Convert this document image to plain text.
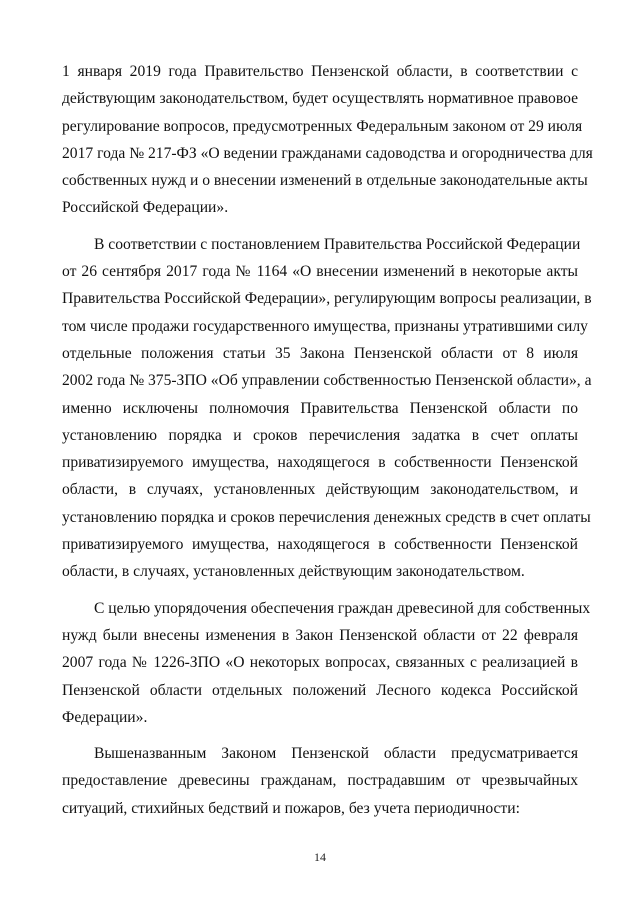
1 января 2019 года Правительство Пензенской области, в соответствии с
действующим законодательством, будет осуществлять нормативное правовое
регулирование вопросов, предусмотренных Федеральным законом от 29 июля
2017 года № 217-ФЗ «О ведении гражданами садоводства и огородничества для
собственных нужд и о внесении изменений в отдельные законодательные акты
Российской Федерации».
В соответствии с постановлением Правительства Российской Федерации
от 26 сентября 2017 года № 1164 «О внесении изменений в некоторые акты
Правительства Российской Федерации», регулирующим вопросы реализации, в
том числе продажи государственного имущества, признаны утратившими силу
отдельные положения статьи 35 Закона Пензенской области от 8 июля
2002 года № 375-ЗПО «Об управлении собственностью Пензенской области», а
именно исключены полномочия Правительства Пензенской области по
установлению порядка и сроков перечисления задатка в счет оплаты
приватизируемого имущества, находящегося в собственности Пензенской
области, в случаях, установленных действующим законодательством, и
установлению порядка и сроков перечисления денежных средств в счет оплаты
приватизируемого имущества, находящегося в собственности Пензенской
области, в случаях, установленных действующим законодательством.
С целью упорядочения обеспечения граждан древесиной для собственных
нужд были внесены изменения в Закон Пензенской области от 22 февраля
2007 года № 1226-ЗПО «О некоторых вопросах, связанных с реализацией в
Пензенской области отдельных положений Лесного кодекса Российской
Федерации».
Вышеназванным Законом Пензенской области предусматривается
предоставление древесины гражданам, пострадавшим от чрезвычайных
ситуаций, стихийных бедствий и пожаров, без учета периодичности:
14
